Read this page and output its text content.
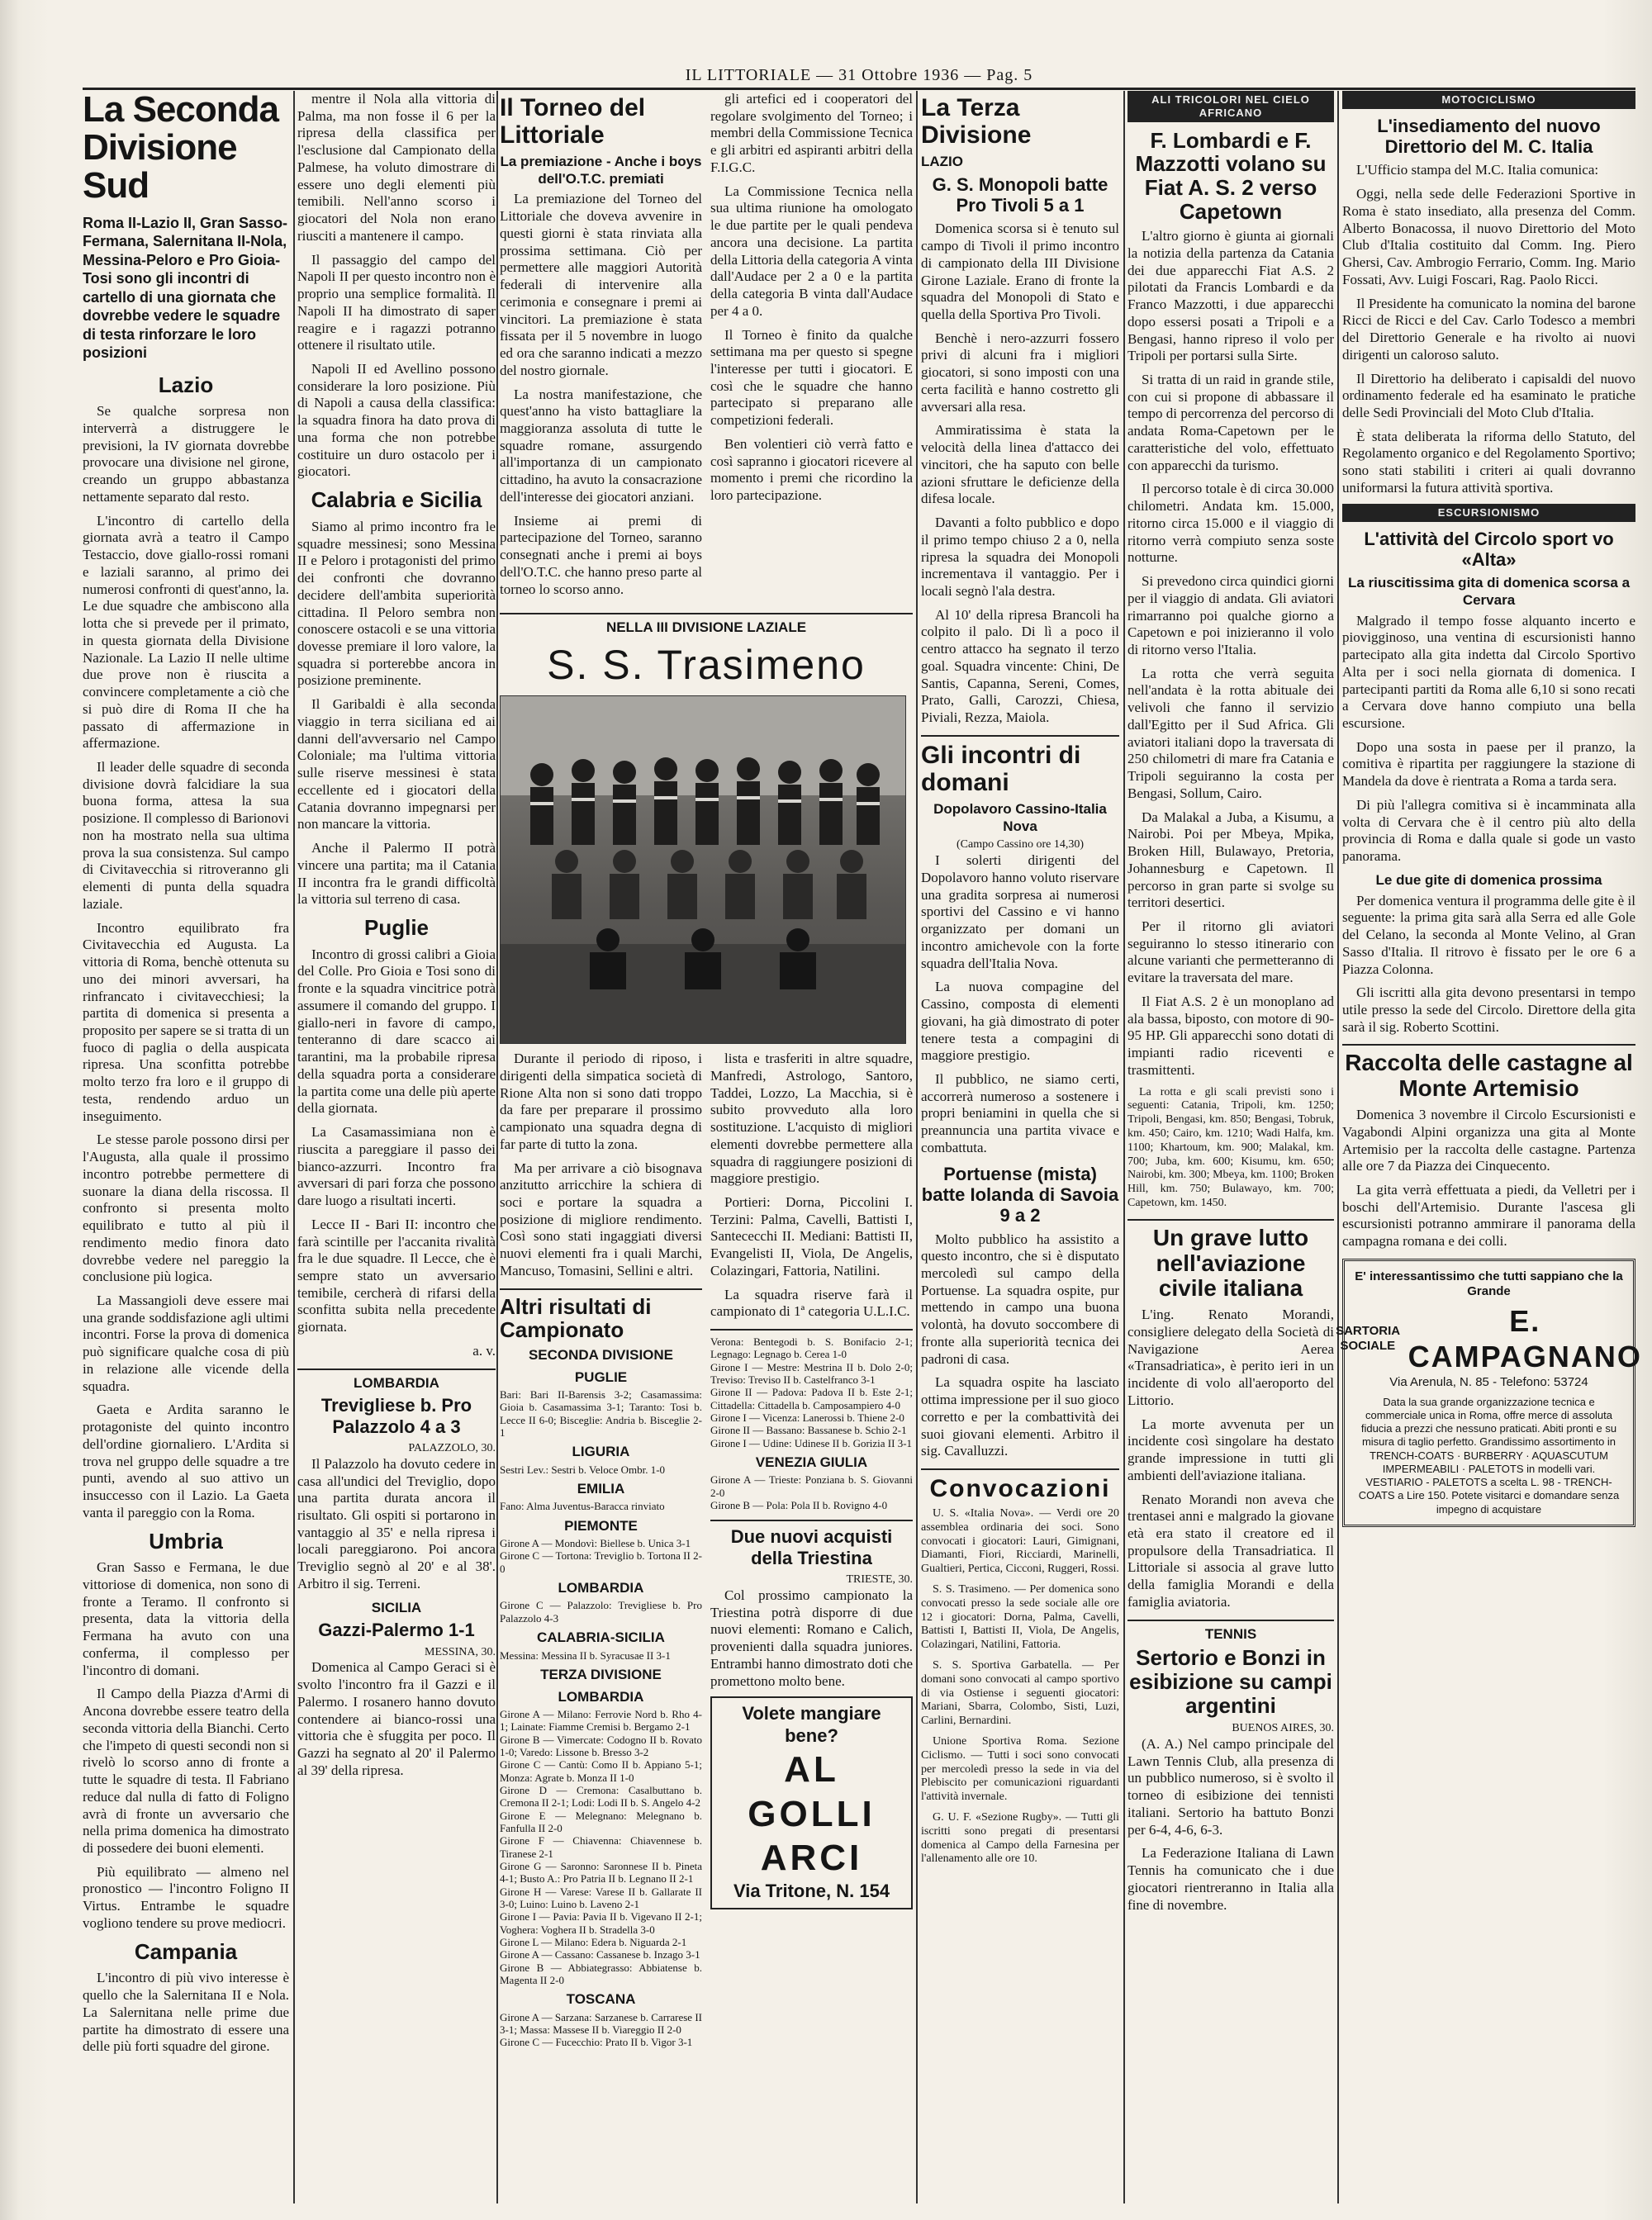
IL LITTORIALE — 31 Ottobre 1936 — Pag. 5
La Seconda Divisione Sud
Roma II-Lazio II, Gran Sasso-Fermana, Salernitana II-Nola, Messina-Peloro e Pro Gioia-Tosi sono gli incontri di cartello di una giornata che dovrebbe vedere le squadre di testa rinforzare le loro posizioni
Lazio

Se qualche sorpresa non interverrà a distruggere le previsioni, la IV giornata dovrebbe provocare una divisione nel girone, creando un gruppo abbastanza nettamente separato dal resto.

L'incontro di cartello della giornata avrà a teatro il Campo Testaccio, dove giallo-rossi romani e laziali saranno, al primo dei numerosi confronti di quest'anno, la. Le due squadre che ambiscono alla lotta che si prevede per il primato, in questa giornata della Divisione Nazionale. La Lazio II nelle ultime due prove non è riuscita a convincere completamente a ciò che si può dire di Roma II che ha passato di affermazione in affermazione.

Il leader delle squadre di seconda divisione dovrà falcidiare la sua buona forma, attesa la sua posizione. Il complesso di Barionovi non ha mostrato nella sua ultima prova la sua consistenza. Sul campo di Civitavecchia si ritroveranno gli elementi di punta della squadra laziale.

Incontro equilibrato fra Civitavecchia ed Augusta. La vittoria di Roma, benchè ottenuta su uno dei minori avversari, ha rinfrancato i civitavecchiesi; la partita di domenica si presenta a proposito per sapere se si tratta di un fuoco di paglia o della auspicata ripresa. Una sconfitta potrebbe molto terzo fra loro e il gruppo di testa, rendendo arduo un inseguimento.

Le stesse parole possono dirsi per l'Augusta, alla quale il prossimo incontro potrebbe permettere di suonare la diana della riscossa. Il confronto si presenta molto equilibrato e tutto al più il rendimento medio finora dato dovrebbe vedere nel pareggio la conclusione più logica.

La Massangioli deve essere mai una grande soddisfazione agli ultimi incontri. Forse la prova di domenica può significare qualche cosa di più in relazione alle vicende della squadra.

Gaeta e Ardita saranno le protagoniste del quinto incontro dell'ordine giornaliero. L'Ardita si trova nel gruppo delle squadre a tre punti, avendo al suo attivo un insuccesso con il Lazio. La Gaeta vanta il pareggio con la Roma.

Umbria

Gran Sasso e Fermana, le due vittoriose di domenica, non sono di fronte a Teramo. Il confronto si presenta, data la vittoria della Fermana ha avuto con una conferma, il complesso per l'incontro di domani.

Il Campo della Piazza d'Armi di Ancona dovrebbe essere teatro della seconda vittoria della Bianchi. Certo che l'impeto di questi secondi non si rivelò lo scorso anno di fronte a tutte le squadre di testa. Il Fabriano reduce dal nulla di fatto di Foligno avrà di fronte un avversario che nella prima domenica ha dimostrato di possedere dei buoni elementi.

Più equilibrato — almeno nel pronostico — l'incontro Foligno II Virtus. Entrambe le squadre vogliono tendere su prove mediocri.

Campania

L'incontro di più vivo interesse è quello che la Salernitana II e Nola. La Salernitana nelle prime due partite ha dimostrato di essere una delle più forti squadre del girone.

mentre il Nola alla vittoria di Palma, ma non fosse il 6 per la ripresa della classifica per l'esclusione dal Campionato della Palmese, ha voluto dimostrare di essere uno degli elementi più temibili. Nell'anno scorso i giocatori del Nola non erano riusciti a mantenere il campo.

Il passaggio del campo del Napoli II per questo incontro non è proprio una semplice formalità. Il Napoli II ha dimostrato di saper reagire e i ragazzi potranno ottenere il risultato utile.

Napoli II ed Avellino possono considerare la loro posizione. Più di Napoli a causa della classifica: la squadra finora ha dato prova di una forma che non potrebbe costituire un duro ostacolo per i giocatori.

Calabria e Sicilia

Siamo al primo incontro fra le squadre messinesi; sono Messina II e Peloro i protagonisti del primo dei confronti che dovranno decidere dell'ambita superiorità cittadina. Il Peloro sembra non conoscere ostacoli e se una vittoria dovesse premiare il loro valore, la squadra si porterebbe ancora in posizione preminente.

Il Garibaldi è alla seconda viaggio in terra siciliana ed ai danni dell'avversario nel Campo Coloniale; ma l'ultima vittoria sulle riserve messinesi è stata eccellente ed i giocatori della Catania dovranno impegnarsi per non mancare la vittoria.

Anche il Palermo II potrà vincere una partita; ma il Catania II incontra fra le grandi difficoltà la vittoria sul terreno di casa.

Puglie

Incontro di grossi calibri a Gioia del Colle. Pro Gioia e Tosi sono di fronte e la squadra vincitrice potrà assumere il comando del gruppo. I giallo-neri in favore di campo, tenteranno di dare scacco ai tarantini, ma la probabile ripresa della squadra porta a considerare la partita come una delle più aperte della giornata.

La Casamassimiana non è riuscita a pareggiare il passo dei bianco-azzurri. Incontro fra avversari di pari forza che possono dare luogo a risultati incerti.

Lecce II - Bari II: incontro che farà scintille per l'accanita rivalità fra le due squadre. Il Lecce, che è sempre stato un avversario temibile, cercherà di rifarsi della sconfitta subita nella precedente giornata.

a. v.
LOMBARDIA
Trevigliese b. Pro Palazzolo 4 a 3
PALAZZOLO, 30.

Il Palazzolo ha dovuto cedere in casa all'undici del Treviglio, dopo una partita durata ancora il risultato. Gli ospiti si portarono in vantaggio al 35' e nella ripresa i locali pareggiarono. Poi ancora Treviglio segnò al 20' e al 38'. Arbitro il sig. Terreni.

SICILIA
Gazzi-Palermo 1-1
MESSINA, 30.

Domenica al Campo Geraci si è svolto l'incontro fra il Gazzi e il Palermo. I rosanero hanno dovuto contendere ai bianco-rossi una vittoria che è sfuggita per poco. Il Gazzi ha segnato al 20' il Palermo al 39' della ripresa.

Il Torneo del Littoriale
La premiazione - Anche i boys dell'O.T.C. premiati

La premiazione del Torneo del Littoriale che doveva avvenire in questi giorni è stata rinviata alla prossima settimana. Ciò per permettere alle maggiori Autorità federali di intervenire alla cerimonia e consegnare i premi ai vincitori. La premiazione è stata fissata per il 5 novembre in luogo ed ora che saranno indicati a mezzo del nostro giornale.

La nostra manifestazione, che quest'anno ha visto battagliare la maggioranza assoluta di tutte le squadre romane, assurgendo all'importanza di un campionato cittadino, ha avuto la consacrazione dell'interesse dei giocatori anziani.

Insieme ai premi di partecipazione del Torneo, saranno consegnati anche i premi ai boys dell'O.T.C. che hanno preso parte al torneo lo scorso anno.

gli artefici ed i cooperatori del regolare svolgimento del Torneo; i membri della Commissione Tecnica e gli arbitri ed aspiranti arbitri della F.I.G.C.

La Commissione Tecnica nella sua ultima riunione ha omologato le due partite per le quali pendeva ancora una decisione. La partita della Littoria della categoria A vinta dall'Audace per 2 a 0 e la partita della categoria B vinta dall'Audace per 4 a 0.

Il Torneo è finito da qualche settimana ma per questo si spegne l'interesse per tutti i giocatori. E così che le squadre che hanno partecipato si preparano alle competizioni federali.

Ben volentieri ciò verrà fatto e così sapranno i giocatori ricevere al momento i premi che ricordino la loro partecipazione.

NELLA III DIVISIONE LAZIALE
S. S. Trasimeno

Durante il periodo di riposo, i dirigenti della simpatica società di Rione Alta non si sono dati troppo da fare per preparare il prossimo campionato una squadra degna di far parte di tutto la zona.

Ma per arrivare a ciò bisognava anzitutto arricchire la schiera di soci e portare la squadra a posizione di migliore rendimento. Così sono stati ingaggiati diversi nuovi elementi fra i quali Marchi, Mancuso, Tomasini, Sellini e altri.

Altri risultati di Campionato
SECONDA DIVISIONE
PUGLIE

Bari: Bari II-Barensis 3-2; Casamassima: Gioia b. Casamassima 3-1; Taranto: Tosi b. Lecce II 6-0; Bisceglie: Andria b. Bisceglie 2-1

LIGURIA

Sestri Lev.: Sestri b. Veloce Ombr. 1-0

EMILIA

Fano: Alma Juventus-Baracca rinviato

PIEMONTE

Girone A — Mondovì: Biellese b. Unica 3-1

Girone C — Tortona: Treviglio b. Tortona II 2-0

LOMBARDIA

Girone C — Palazzolo: Trevigliese b. Pro Palazzolo 4-3

CALABRIA-SICILIA

Messina: Messina II b. Syracusae II 3-1

TERZA DIVISIONE
LOMBARDIA

Girone A — Milano: Ferrovie Nord b. Rho 4-1; Lainate: Fiamme Cremisi b. Bergamo 2-1

Girone B — Vimercate: Codogno II b. Rovato 1-0; Varedo: Lissone b. Bresso 3-2

Girone C — Cantù: Como II b. Appiano 5-1; Monza: Agrate b. Monza II 1-0

Girone D — Cremona: Casalbuttano b. Cremona II 2-1; Lodi: Lodi II b. S. Angelo 4-2

Girone E — Melegnano: Melegnano b. Fanfulla II 2-0

Girone F — Chiavenna: Chiavennese b. Tiranese 2-1

Girone G — Saronno: Saronnese II b. Pineta 4-1; Busto A.: Pro Patria II b. Legnano II 2-1

Girone H — Varese: Varese II b. Gallarate II 3-0; Luino: Luino b. Laveno 2-1

Girone I — Pavia: Pavia II b. Vigevano II 2-1; Voghera: Voghera II b. Stradella 3-0

Girone L — Milano: Edera b. Niguarda 2-1

Girone A — Cassano: Cassanese b. Inzago 3-1

Girone B — Abbiategrasso: Abbiatense b. Magenta II 2-0

TOSCANA

Girone A — Sarzana: Sarzanese b. Carrarese II 3-1; Massa: Massese II b. Viareggio II 2-0

Girone C — Fucecchio: Prato II b. Vigor 3-1

lista e trasferiti in altre squadre, Manfredi, Astrologo, Santoro, Taddei, Lozzo, La Macchia, si è subito provveduto alla loro sostituzione. L'acquisto di migliori elementi dovrebbe permettere alla squadra di raggiungere posizioni di maggiore prestigio.

Portieri: Dorna, Piccolini I. Terzini: Palma, Cavelli, Battisti I, Santececchi II. Mediani: Battisti II, Evangelisti II, Viola, De Angelis, Colazingari, Fattoria, Natilini.

La squadra riserve farà il campionato di 1ª categoria U.L.I.C.

Verona: Bentegodi b. S. Bonifacio 2-1; Legnago: Legnago b. Cerea 1-0

Girone I — Mestre: Mestrina II b. Dolo 2-0; Treviso: Treviso II b. Castelfranco 3-1

Girone II — Padova: Padova II b. Este 2-1; Cittadella: Cittadella b. Camposampiero 4-0

Girone I — Vicenza: Lanerossi b. Thiene 2-0

Girone II — Bassano: Bassanese b. Schio 2-1

Girone I — Udine: Udinese II b. Gorizia II 3-1

VENEZIA GIULIA

Girone A — Trieste: Ponziana b. S. Giovanni 2-0

Girone B — Pola: Pola II b. Rovigno 4-0

Due nuovi acquisti della Triestina
TRIESTE, 30.

Col prossimo campionato la Triestina potrà disporre di due nuovi elementi: Romano e Calich, provenienti dalla squadra juniores. Entrambi hanno dimostrato doti che promettono molto bene.

Volete mangiare bene?
AL GOLLI ARCI
Via Tritone, N. 154
La Terza Divisione
LAZIO
G. S. Monopoli batte Pro Tivoli 5 a 1

Domenica scorsa si è tenuto sul campo di Tivoli il primo incontro di campionato della III Divisione Girone Laziale. Erano di fronte la squadra del Monopoli di Stato e quella della Sportiva Pro Tivoli.

Benchè i nero-azzurri fossero privi di alcuni fra i migliori giocatori, si sono imposti con una certa facilità e hanno costretto gli avversari alla resa.

Ammiratissima è stata la velocità della linea d'attacco dei vincitori, che ha saputo con belle azioni sfruttare le deficienze della difesa locale.

Davanti a folto pubblico e dopo il primo tempo chiuso 2 a 0, nella ripresa la squadra dei Monopoli incrementava il vantaggio. Per i locali segnò l'ala destra.

Al 10' della ripresa Brancoli ha colpito il palo. Di lì a poco il centro attacco ha segnato il terzo goal. Squadra vincente: Chini, De Santis, Capanna, Sereni, Comes, Prato, Galli, Carozzi, Chiesa, Piviali, Rezza, Maiola.

Gli incontri di domani
Dopolavoro Cassino-Italia Nova
(Campo Cassino ore 14,30)

I solerti dirigenti del Dopolavoro hanno voluto riservare una gradita sorpresa ai numerosi sportivi del Cassino e vi hanno organizzato per domani un incontro amichevole con la forte squadra dell'Italia Nova.

La nuova compagine del Cassino, composta di elementi giovani, ha già dimostrato di poter tenere testa a compagini di maggiore prestigio.

Il pubblico, ne siamo certi, accorrerà numeroso a sostenere i propri beniamini in quella che si preannuncia una partita vivace e combattuta.

Portuense (mista) batte Iolanda di Savoia 9 a 2

Molto pubblico ha assistito a questo incontro, che si è disputato mercoledì sul campo della Portuense. La squadra ospite, pur mettendo in campo una buona volontà, ha dovuto soccombere di fronte alla superiorità tecnica dei padroni di casa.

La squadra ospite ha lasciato ottima impressione per il suo gioco corretto e per la combattività dei suoi giovani elementi. Arbitro il sig. Cavalluzzi.

Convocazioni

U. S. «Italia Nova». — Verdi ore 20 assemblea ordinaria dei soci. Sono convocati i giocatori: Lauri, Gimignani, Diamanti, Fiori, Ricciardi, Marinelli, Gualtieri, Pertica, Cicconi, Ruggeri, Rossi.

S. S. Trasimeno. — Per domenica sono convocati presso la sede sociale alle ore 12 i giocatori: Dorna, Palma, Cavelli, Battisti I, Battisti II, Viola, De Angelis, Colazingari, Natilini, Fattoria.

S. S. Sportiva Garbatella. — Per domani sono convocati al campo sportivo di via Ostiense i seguenti giocatori: Mariani, Sbarra, Colombo, Sisti, Luzi, Carlini, Bernardini.

Unione Sportiva Roma. Sezione Ciclismo. — Tutti i soci sono convocati per mercoledì presso la sede in via del Plebiscito per comunicazioni riguardanti l'attività invernale.

G. U. F. «Sezione Rugby». — Tutti gli iscritti sono pregati di presentarsi domenica al Campo della Farnesina per l'allenamento alle ore 10.

ALI TRICOLORI NEL CIELO AFRICANO
F. Lombardi e F. Mazzotti volano su Fiat A. S. 2 verso Capetown

L'altro giorno è giunta ai giornali la notizia della partenza da Catania dei due apparecchi Fiat A.S. 2 pilotati da Francis Lombardi e da Franco Mazzotti, i due apparecchi dopo essersi posati a Tripoli e a Bengasi, hanno ripreso il volo per Tripoli per portarsi sulla Sirte.

Si tratta di un raid in grande stile, con cui si propone di abbassare il tempo di percorrenza del percorso di andata Roma-Capetown per le caratteristiche del volo, effettuato con apparecchi da turismo.

Il percorso totale è di circa 30.000 chilometri. Andata km. 15.000, ritorno circa 15.000 e il viaggio di ritorno verrà compiuto senza soste notturne.

Si prevedono circa quindici giorni per il viaggio di andata. Gli aviatori rimarranno poi qualche giorno a Capetown e poi inizieranno il volo di ritorno verso l'Italia.

La rotta che verrà seguita nell'andata è la rotta abituale dei velivoli che fanno il servizio dall'Egitto per il Sud Africa. Gli aviatori italiani dopo la traversata di 250 chilometri di mare fra Catania e Tripoli seguiranno la costa per Bengasi, Sollum, Cairo.

Da Malakal a Juba, a Kisumu, a Nairobi. Poi per Mbeya, Mpika, Broken Hill, Bulawayo, Pretoria, Johannesburg e Capetown. Il percorso in gran parte si svolge su territori desertici.

Per il ritorno gli aviatori seguiranno lo stesso itinerario con alcune varianti che permetteranno di evitare la traversata del mare.

Il Fiat A.S. 2 è un monoplano ad ala bassa, biposto, con motore di 90-95 HP. Gli apparecchi sono dotati di impianti radio riceventi e trasmittenti.

La rotta e gli scali previsti sono i seguenti: Catania, Tripoli, km. 1250; Tripoli, Bengasi, km. 850; Bengasi, Tobruk, km. 450; Cairo, km. 1210; Wadi Halfa, km. 1100; Khartoum, km. 900; Malakal, km. 700; Juba, km. 600; Kisumu, km. 650; Nairobi, km. 300; Mbeya, km. 1100; Broken Hill, km. 750; Bulawayo, km. 700; Capetown, km. 1450.

Un grave lutto nell'aviazione civile italiana

L'ing. Renato Morandi, consigliere delegato della Società di Navigazione Aerea «Transadriatica», è perito ieri in un incidente di volo all'aeroporto del Littorio.

La morte avvenuta per un incidente così singolare ha destato grande impressione in tutti gli ambienti dell'aviazione italiana.

Renato Morandi non aveva che trentasei anni e malgrado la giovane età era stato il creatore ed il propulsore della Transadriatica. Il Littoriale si associa al grave lutto della famiglia Morandi e della famiglia aviatoria.

TENNIS
Sertorio e Bonzi in esibizione su campi argentini
BUENOS AIRES, 30.

(A. A.) Nel campo principale del Lawn Tennis Club, alla presenza di un pubblico numeroso, si è svolto il torneo di esibizione dei tennisti italiani. Sertorio ha battuto Bonzi per 6-4, 4-6, 6-3.

La Federazione Italiana di Lawn Tennis ha comunicato che i due giocatori rientreranno in Italia alla fine di novembre.

MOTOCICLISMO
L'insediamento del nuovo Direttorio del M. C. Italia

L'Ufficio stampa del M.C. Italia comunica:

Oggi, nella sede delle Federazioni Sportive in Roma è stato insediato, alla presenza del Comm. Alberto Bonacossa, il nuovo Direttorio del Moto Club d'Italia costituito dal Comm. Ing. Piero Ghersi, Cav. Ambrogio Ferrario, Comm. Ing. Mario Fossati, Avv. Luigi Foscari, Rag. Paolo Ricci.

Il Presidente ha comunicato la nomina del barone Ricci de Ricci e del Cav. Carlo Todesco a membri del Direttorio Generale e ha rivolto ai nuovi dirigenti un caloroso saluto.

Il Direttorio ha deliberato i capisaldi del nuovo ordinamento federale ed ha esaminato le pratiche delle Sedi Provinciali del Moto Club d'Italia.

È stata deliberata la riforma dello Statuto, del Regolamento organico e del Regolamento Sportivo; sono stati stabiliti i criteri ai quali dovranno uniformarsi la futura attività sportiva.

ESCURSIONISMO
L'attività del Circolo sport vo «Alta»
La riuscitissima gita di domenica scorsa a Cervara

Malgrado il tempo fosse alquanto incerto e piovigginoso, una ventina di escursionisti hanno partecipato alla gita indetta dal Circolo Sportivo Alta per i soci nella giornata di domenica. I partecipanti partiti da Roma alle 6,10 si sono recati a Cervara dove hanno compiuto una bella escursione.

Dopo una sosta in paese per il pranzo, la comitiva è ripartita per raggiungere la stazione di Mandela da dove è rientrata a Roma a tarda sera.

Di più l'allegra comitiva si è incamminata alla volta di Cervara che è il centro più alto della provincia di Roma e dalla quale si gode un vasto panorama.

Le due gite di domenica prossima

Per domenica ventura il programma delle gite è il seguente: la prima gita sarà alla Serra ed alle Gole del Celano, la seconda al Monte Velino, al Gran Sasso d'Italia. Il ritrovo è fissato per le ore 6 a Piazza Colonna.

Gli iscritti alla gita devono presentarsi in tempo utile presso la sede del Circolo. Direttore della gita sarà il sig. Roberto Scottini.

Raccolta delle castagne al Monte Artemisio

Domenica 3 novembre il Circolo Escursionisti e Vagabondi Alpini organizza una gita al Monte Artemisio per la raccolta delle castagne. Partenza alle ore 7 da Piazza dei Cinquecento.

La gita verrà effettuata a piedi, da Velletri per i boschi dell'Artemisio. Durante l'ascesa gli escursionisti potranno ammirare il panorama della campagna romana e dei colli.

E' interessantissimo che tutti sappiano che la Grande
SARTORIA SOCIALE
E. CAMPAGNANO
Via Arenula, N. 85 - Telefono: 53724
Data la sua grande organizzazione tecnica e commerciale unica in Roma, offre merce di assoluta fiducia a prezzi che nessuno praticati. Abiti pronti e su misura di taglio perfetto. Grandissimo assortimento in TRENCH-COATS · BURBERRY · AQUASCUTUM IMPERMEABILI · PALETOTS in modelli vari. VESTIARIO - PALETOTS a scelta L. 98 - TRENCH-COATS a Lire 150. Potete visitarci e domandare senza impegno di acquistare
